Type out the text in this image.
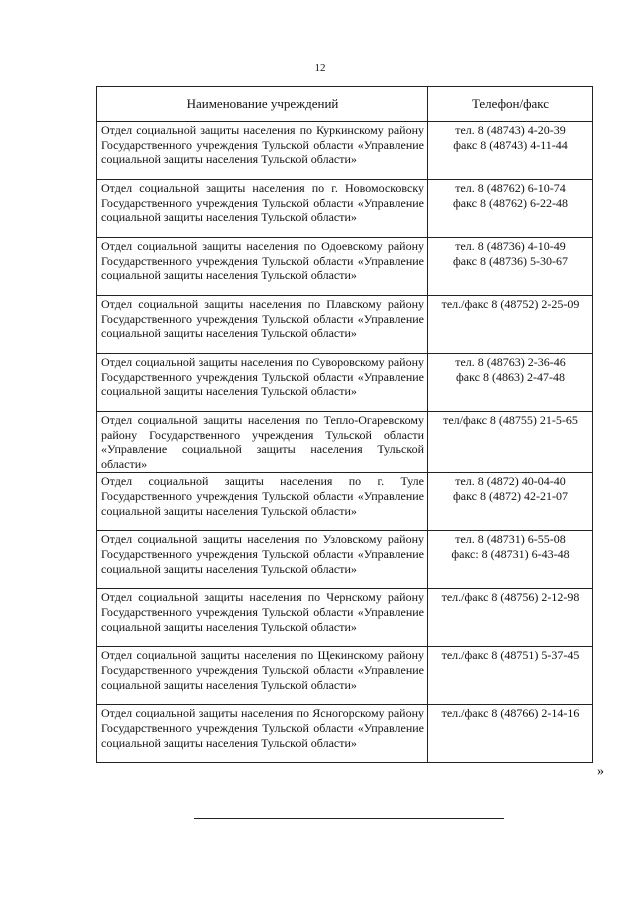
12
Наименование учреждений	Телефон/факс
Отдел социальной защиты населения по Куркинскому району Государственного учреждения Тульской области «Управление социальной защиты населения Тульской области»	тел. 8 (48743) 4-20-39
факс 8 (48743) 4-11-44

Отдел социальной защиты населения по г. Новомосковску Государственного учреждения Тульской области «Управление социальной защиты населения Тульской области»	тел. 8 (48762) 6-10-74
факс 8 (48762) 6-22-48

Отдел социальной защиты населения по Одоевскому району Государственного учреждения Тульской области «Управление социальной защиты населения Тульской области»	тел. 8 (48736) 4-10-49
факс 8 (48736) 5-30-67

Отдел социальной защиты населения по Плавскому району Государственного учреждения Тульской области «Управление социальной защиты населения Тульской области»	тел./факс 8 (48752) 2-25-09

Отдел социальной защиты населения по Суворовскому району Государственного учреждения Тульской области «Управление социальной защиты населения Тульской области»	тел. 8 (48763) 2-36-46
факс 8 (4863) 2-47-48

Отдел социальной защиты населения по Тепло-Огаревскому району Государственного учреждения Тульской области «Управление социальной защиты населения Тульской области»	тел/факс 8 (48755) 21-5-65

Отдел социальной защиты населения по г. Туле Государственного учреждения Тульской области «Управление социальной защиты населения Тульской области»	тел. 8 (4872) 40-04-40
факс 8 (4872) 42-21-07

Отдел социальной защиты населения по Узловскому району Государственного учреждения Тульской области «Управление социальной защиты населения Тульской области»	тел. 8 (48731) 6-55-08
факс: 8 (48731) 6-43-48

Отдел социальной защиты населения по Чернскому району Государственного учреждения Тульской области «Управление социальной защиты населения Тульской области»	тел./факс 8 (48756) 2-12-98

Отдел социальной защиты населения по Щекинскому району Государственного учреждения Тульской области «Управление социальной защиты населения Тульской области»	тел./факс 8 (48751) 5-37-45

Отдел социальной защиты населения по Ясногорскому району Государственного учреждения Тульской области «Управление социальной защиты населения Тульской области»	тел./факс 8 (48766) 2-14-16
»
